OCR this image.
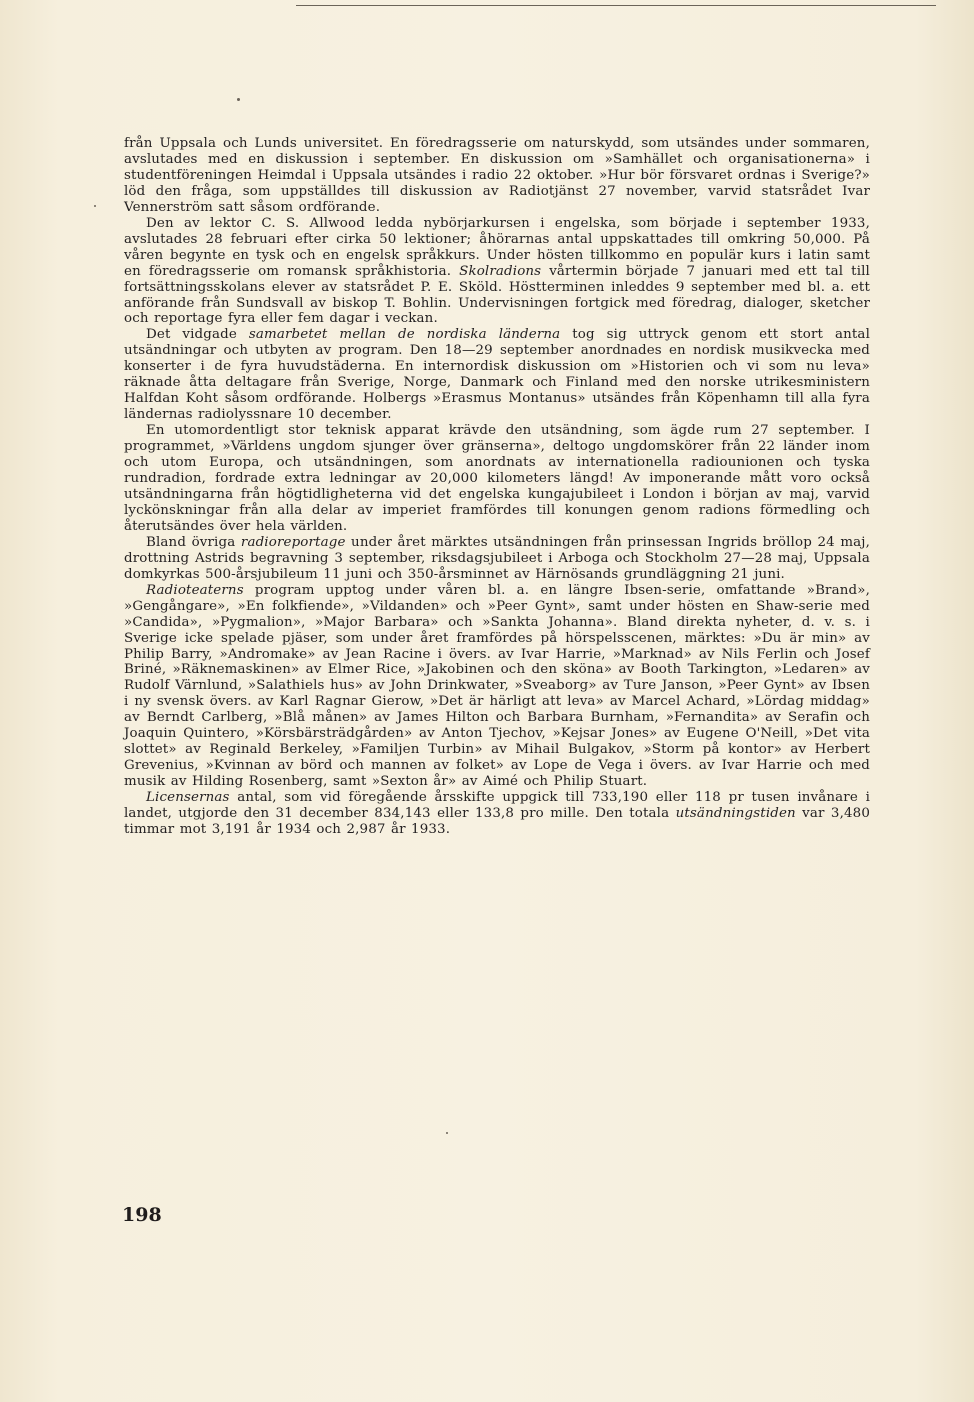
från Uppsala och Lunds universitet. En föredragsserie om naturskydd, som utsändes under sommaren, avslutades med en diskussion i september. En diskussion om »Samhället och organisationerna» i studentföreningen Heimdal i Uppsala utsändes i radio 22 oktober. »Hur bör försvaret ordnas i Sverige?» löd den fråga, som uppställdes till diskussion av Radiotjänst 27 november, varvid statsrådet Ivar Vennerström satt såsom ordförande.

Den av lektor C. S. Allwood ledda nybörjarkursen i engelska, som började i september 1933, avslutades 28 februari efter cirka 50 lektioner; åhörarnas antal uppskattades till omkring 50,000. På våren begynte en tysk och en engelsk språkkurs. Under hösten tillkommo en populär kurs i latin samt en föredragsserie om romansk språkhistoria. Skolradions vårtermin började 7 januari med ett tal till fortsättningsskolans elever av statsrådet P. E. Sköld. Höstterminen inleddes 9 september med bl. a. ett anförande från Sundsvall av biskop T. Bohlin. Undervisningen fortgick med föredrag, dialoger, sketcher och reportage fyra eller fem dagar i veckan.

Det vidgade samarbetet mellan de nordiska länderna tog sig uttryck genom ett stort antal utsändningar och utbyten av program. Den 18—29 september anordnades en nordisk musikvecka med konserter i de fyra huvudstäderna. En internordisk diskussion om »Historien och vi som nu leva» räknade åtta deltagare från Sverige, Norge, Danmark och Finland med den norske utrikesministern Halfdan Koht såsom ordförande. Holbergs »Erasmus Montanus» utsändes från Köpenhamn till alla fyra ländernas radiolyssnare 10 december.

En utomordentligt stor teknisk apparat krävde den utsändning, som ägde rum 27 september. I programmet, »Världens ungdom sjunger över gränserna», deltogo ungdomskörer från 22 länder inom och utom Europa, och utsändningen, som anordnats av internationella radiounionen och tyska rundradion, fordrade extra ledningar av 20,000 kilometers längd! Av imponerande mått voro också utsändningarna från högtidligheterna vid det engelska kungajubileet i London i början av maj, varvid lyckönskningar från alla delar av imperiet framfördes till konungen genom radions förmedling och återutsändes över hela världen.

Bland övriga radioreportage under året märktes utsändningen från prinsessan Ingrids bröllop 24 maj, drottning Astrids begravning 3 september, riksdagsjubileet i Arboga och Stockholm 27—28 maj, Uppsala domkyrkas 500-årsjubileum 11 juni och 350-årsminnet av Härnösands grundläggning 21 juni.

Radioteaterns program upptog under våren bl. a. en längre Ibsen-serie, omfattande »Brand», »Gengångare», »En folkfiende», »Vildanden» och »Peer Gynt», samt under hösten en Shaw-serie med »Candida», »Pygmalion», »Major Barbara» och »Sankta Johanna». Bland direkta nyheter, d. v. s. i Sverige icke spelade pjäser, som under året framfördes på hörspelsscenen, märktes: »Du är min» av Philip Barry, »Andromake» av Jean Racine i övers. av Ivar Harrie, »Marknad» av Nils Ferlin och Josef Briné, »Räknemaskinen» av Elmer Rice, »Jakobinen och den sköna» av Booth Tarkington, »Ledaren» av Rudolf Värnlund, »Salathiels hus» av John Drinkwater, »Sveaborg» av Ture Janson, »Peer Gynt» av Ibsen i ny svensk övers. av Karl Ragnar Gierow, »Det är härligt att leva» av Marcel Achard, »Lördag middag» av Berndt Carlberg, »Blå månen» av James Hilton och Barbara Burnham, »Fernandita» av Serafin och Joaquin Quintero, »Körsbärsträdgården» av Anton Tjechov, »Kejsar Jones» av Eugene O'Neill, »Det vita slottet» av Reginald Berkeley, »Familjen Turbin» av Mihail Bulgakov, »Storm på kontor» av Herbert Grevenius, »Kvinnan av börd och mannen av folket» av Lope de Vega i övers. av Ivar Harrie och med musik av Hilding Rosenberg, samt »Sexton år» av Aimé och Philip Stuart.

Licensernas antal, som vid föregående årsskifte uppgick till 733,190 eller 118 pr tusen invånare i landet, utgjorde den 31 december 834,143 eller 133,8 pro mille. Den totala utsändningstiden var 3,480 timmar mot 3,191 år 1934 och 2,987 år 1933.

198
